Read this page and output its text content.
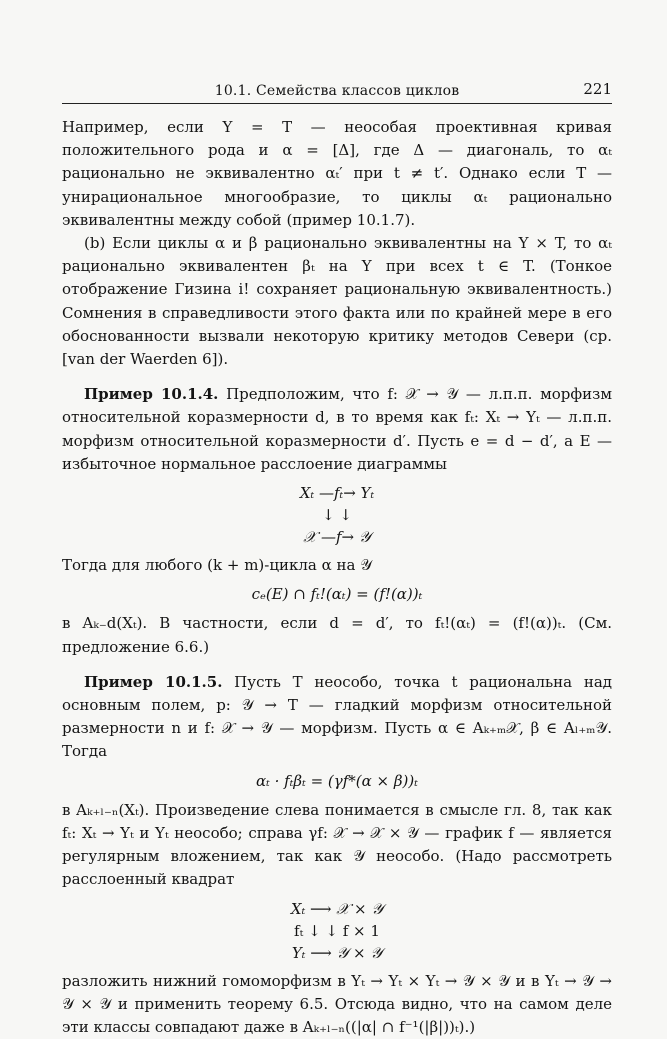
10.1. Семейства классов циклов	221

Например, если Y = T — неособая проективная кривая положительного рода и α = [Δ], где Δ — диагональ, то αₜ рационально не эквивалентно αₜ′ при t ≠ t′. Однако если T — унирациональное многообразие, то циклы αₜ рационально эквивалентны между собой (пример 10.1.7).

(b) Если циклы α и β рационально эквивалентны на Y × T, то αₜ рационально эквивалентен βₜ на Y при всех t ∈ T. (Тонкое отображение Гизина i! сохраняет рациональную эквивалентность.) Сомнения в справедливости этого факта или по крайней мере в его обоснованности вызвали некоторую критику методов Севери (ср. [van der Waerden 6]).

Пример 10.1.4. Предположим, что f: 𝒳 → 𝒴 — л.п.п. морфизм относительной коразмерности d, в то время как fₜ: Xₜ → Yₜ — л.п.п. морфизм относительной коразмерности d′. Пусть e = d − d′, а E — избыточное нормальное расслоение диаграммы

Xₜ —fₜ→ Yₜ
↓ ↓
𝒳 —f→ 𝒴

Тогда для любого (k + m)-цикла α на 𝒴

cₑ(E) ∩ fₜ!(αₜ) = (f!(α))ₜ

в Aₖ₋d(Xₜ). В частности, если d = d′, то fₜ!(αₜ) = (f!(α))ₜ. (См. предложение 6.6.)

Пример 10.1.5. Пусть T неособо, точка t рациональна над основным полем, p: 𝒴 → T — гладкий морфизм относительной размерности n и f: 𝒳 → 𝒴 — морфизм. Пусть α ∈ Aₖ₊ₘ𝒳, β ∈ Aₗ₊ₘ𝒴. Тогда

αₜ · fₜβₜ = (γf*(α × β))ₜ

в Aₖ₊ₗ₋ₙ(Xₜ). Произведение слева понимается в смысле гл. 8, так как fₜ: Xₜ → Yₜ и Yₜ неособо; справа γf: 𝒳 → 𝒳 × 𝒴 — график f — является регулярным вложением, так как 𝒴 неособо. (Надо рассмотреть расслоенный квадрат

Xₜ ⟶ 𝒳 × 𝒴
fₜ ↓ ↓ f × 1
Yₜ ⟶ 𝒴 × 𝒴

разложить нижний гомоморфизм в Yₜ → Yₜ × Yₜ → 𝒴 × 𝒴 и в Yₜ → 𝒴 → 𝒴 × 𝒴 и применить теорему 6.5. Отсюда видно, что на самом деле эти классы совпадают даже в Aₖ₊ₗ₋ₙ((|α| ∩ f⁻¹(|β|))ₜ).)
